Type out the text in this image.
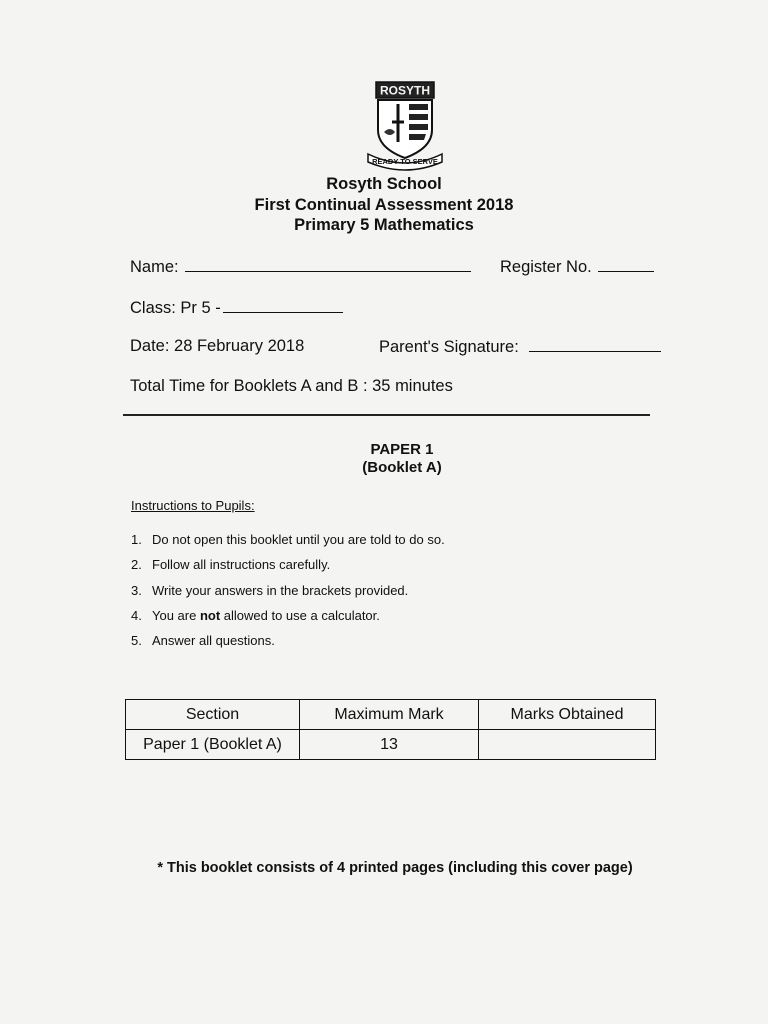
ROSYTH
READY TO SERVE
Rosyth School
First Continual Assessment 2018
Primary 5 Mathematics
Name:	Register No.
Class: Pr 5 -
Date: 28 February 2018	Parent's Signature:
Total Time for Booklets A and B : 35 minutes
PAPER 1
(Booklet A)
Instructions to Pupils:
1. Do not open this booklet until you are told to do so.
2. Follow all instructions carefully.
3. Write your answers in the brackets provided.
4. You are not allowed to use a calculator.
5. Answer all questions.
Section	Maximum Mark	Marks Obtained
Paper 1 (Booklet A)	13	
* This booklet consists of 4 printed pages (including this cover page)
